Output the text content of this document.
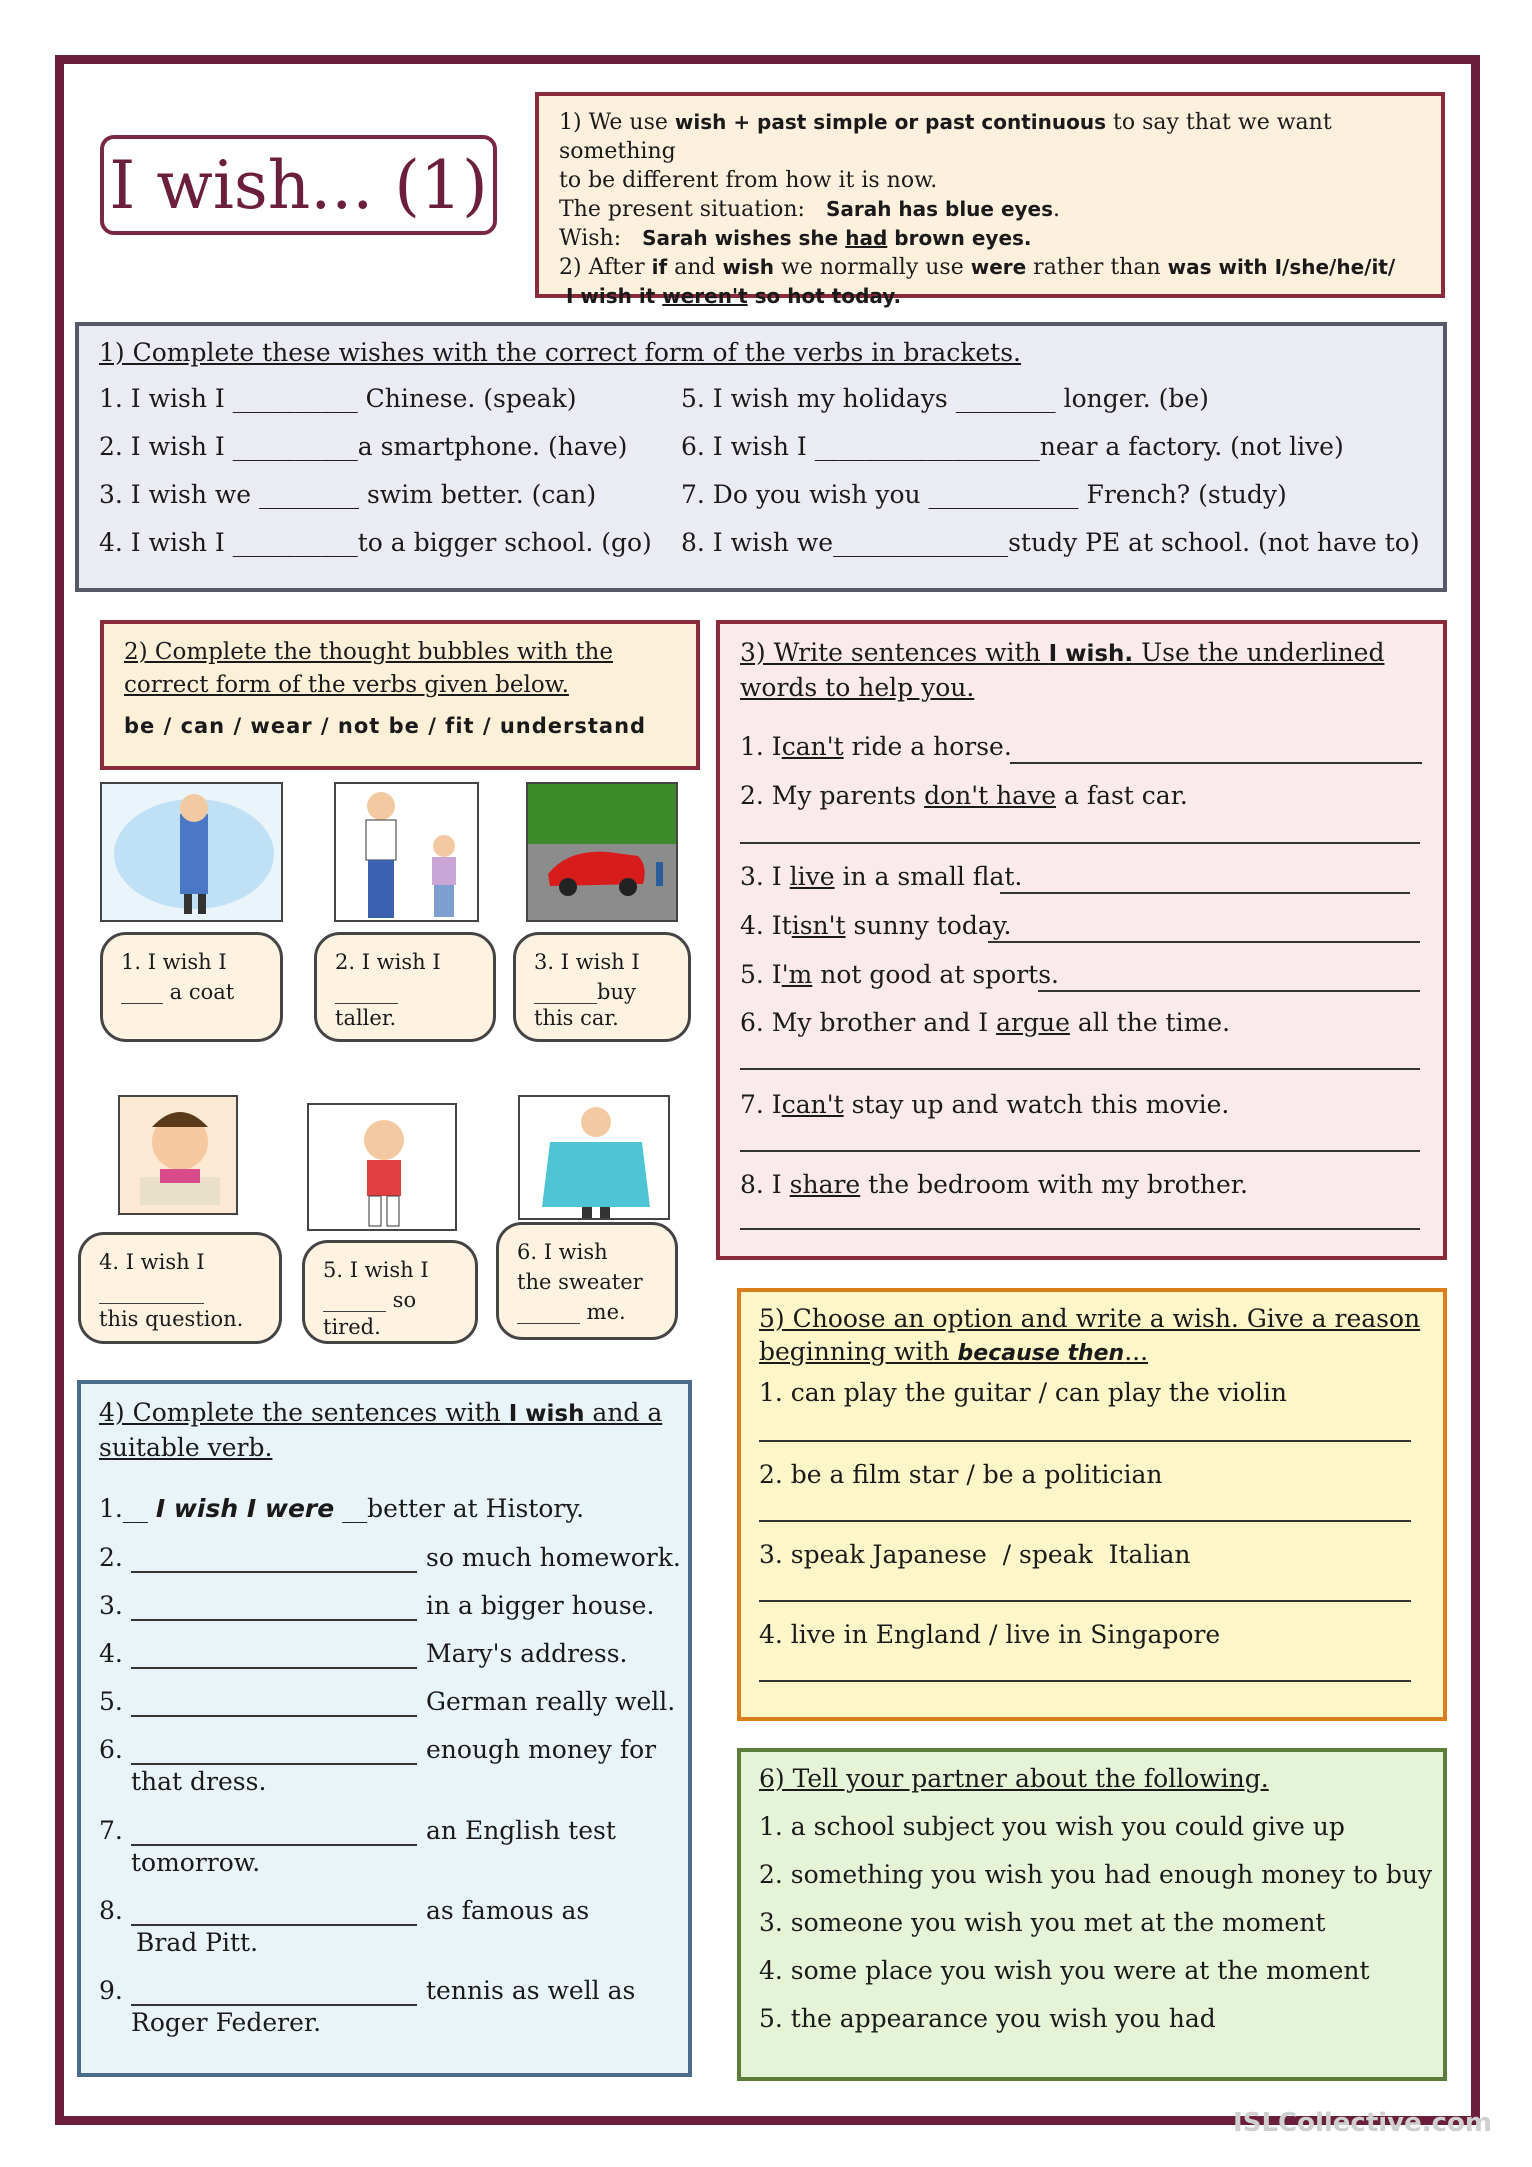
I wish... (1)
1) We use wish + past simple or past continuous to say that we want something
to be different from how it is now.
The present situation: Sarah has blue eyes.
Wish: Sarah wishes she had brown eyes.
2) After if and wish we normally use were rather than was with I/she/he/it/
I wish it weren't so hot today.
1) Complete these wishes with the correct form of the verbs in brackets.
1. I wish I __________ Chinese. (speak)
2. I wish I __________a smartphone. (have)
3. I wish we ________ swim better. (can)
4. I wish I __________to a bigger school. (go)
5. I wish my holidays ________ longer. (be)
6. I wish I __________________near a factory. (not live)
7. Do you wish you ____________ French? (study)
8. I wish we______________study PE at school. (not have to)
2) Complete the thought bubbles with the correct form of the verbs given below.
be / can / wear / not be / fit / understand
1. I wish I
____ a coat
2. I wish I
______
taller.
3. I wish I
______buy
this car.
4. I wish I
__________
this question.
5. I wish I
______ so
tired.
6. I wish
the sweater
______ me.
3) Write sentences with I wish. Use the underlined words to help you.
1. Ican't ride a horse.
2. My parents don't have a fast car.
3. I live in a small flat.
4. Itisn't sunny today.
5. I'm not good at sports.
6. My brother and I argue all the time.
7. Ican't stay up and watch this movie.
8. I share the bedroom with my brother.
4) Complete the sentences with I wish and a suitable verb.
1.__ I wish I were __better at History.
2.	so much homework.
3.	in a bigger house.
4.	Mary's address.
5.	German really well.
6.	enough money for
that dress.
7.	an English test
tomorrow.
8.	as famous as
Brad Pitt.
9.	tennis as well as
Roger Federer.
5) Choose an option and write a wish. Give a reason beginning with because then...
1. can play the guitar / can play the violin
2. be a film star / be a politician
3. speak Japanese  / speak  Italian
4. live in England / live in Singapore
6) Tell your partner about the following.
1. a school subject you wish you could give up
2. something you wish you had enough money to buy
3. someone you wish you met at the moment
4. some place you wish you were at the moment
5. the appearance you wish you had
ISLCollective.com
